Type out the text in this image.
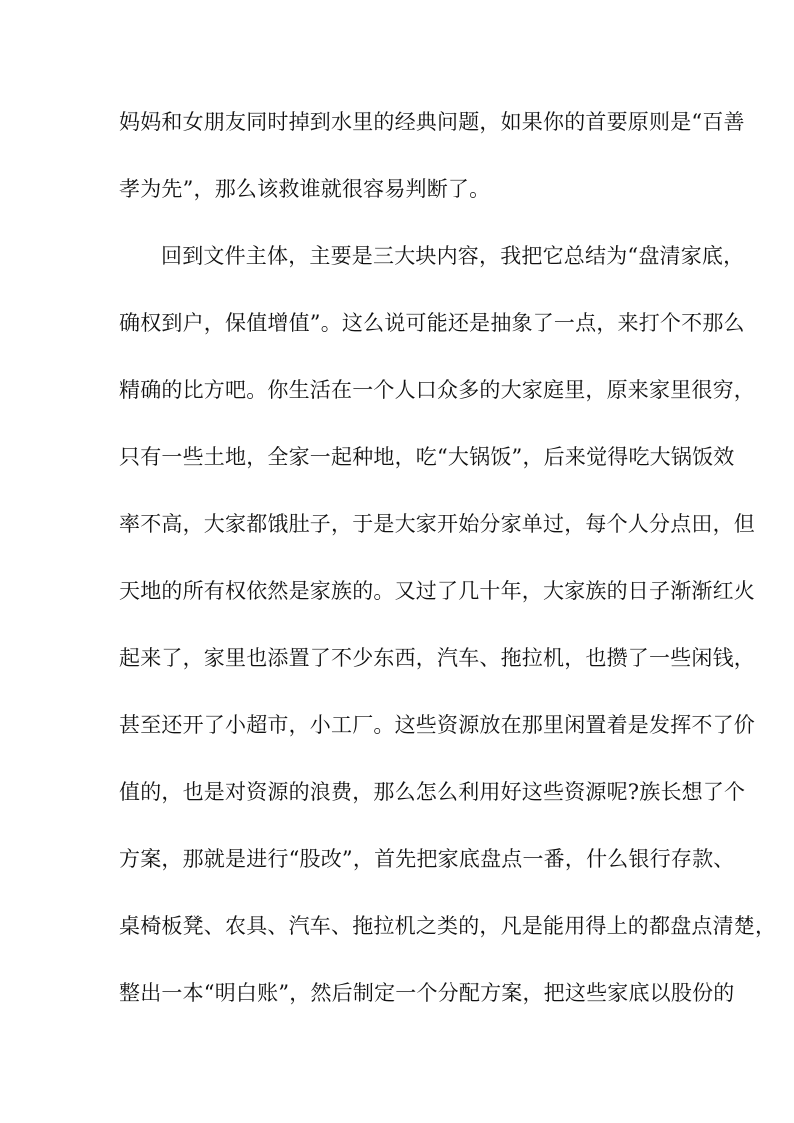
妈妈和女朋友同时掉到水里的经典问题，如果你的首要原则是“百善
孝为先”，那么该救谁就很容易判断了。
回到文件主体，主要是三大块内容，我把它总结为“盘清家底，
确权到户，保值增值”。这么说可能还是抽象了一点，来打个不那么
精确的比方吧。你生活在一个人口众多的大家庭里，原来家里很穷，
只有一些土地，全家一起种地，吃“大锅饭”，后来觉得吃大锅饭效
率不高，大家都饿肚子，于是大家开始分家单过，每个人分点田，但
天地的所有权依然是家族的。又过了几十年，大家族的日子渐渐红火
起来了，家里也添置了不少东西，汽车、拖拉机，也攒了一些闲钱，
甚至还开了小超市，小工厂。这些资源放在那里闲置着是发挥不了价
值的，也是对资源的浪费，那么怎么利用好这些资源呢?族长想了个
方案，那就是进行“股改”，首先把家底盘点一番，什么银行存款、
桌椅板凳、农具、汽车、拖拉机之类的，凡是能用得上的都盘点清楚，
整出一本“明白账”，然后制定一个分配方案，把这些家底以股份的
